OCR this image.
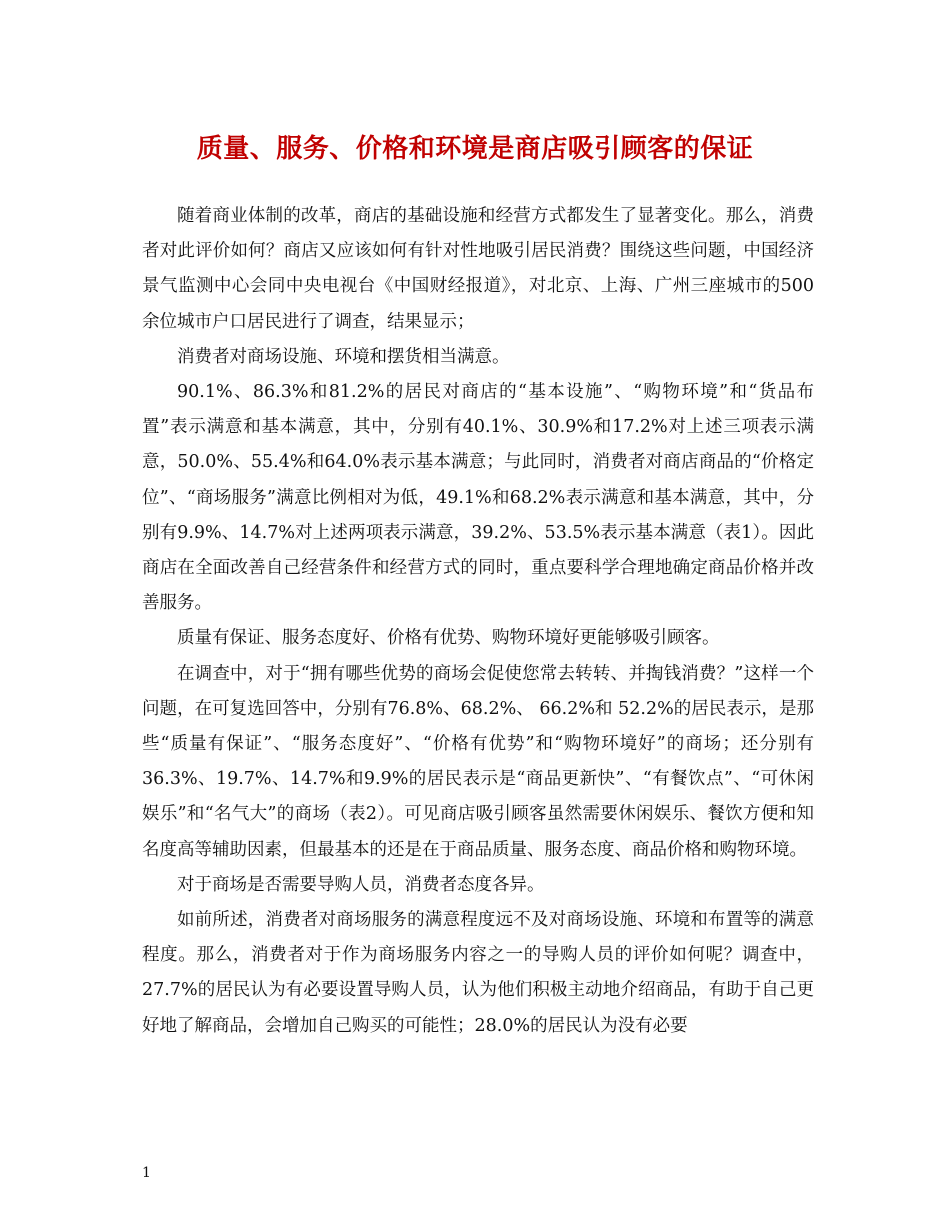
质量、服务、价格和环境是商店吸引顾客的保证

随着商业体制的改革，商店的基础设施和经营方式都发生了显著变化。那么，消费者对此评价如何？商店又应该如何有针对性地吸引居民消费？围绕这些问题，中国经济景气监测中心会同中央电视台《中国财经报道》，对北京、上海、广州三座城市的500余位城市户口居民进行了调查，结果显示；

消费者对商场设施、环境和摆货相当满意。

90.1%、86.3%和81.2%的居民对商店的“基本设施”、“购物环境”和“货品布置”表示满意和基本满意，其中，分别有40.1%、30.9%和17.2%对上述三项表示满意，50.0%、55.4%和64.0%表示基本满意；与此同时，消费者对商店商品的“价格定位”、“商场服务”满意比例相对为低，49.1%和68.2%表示满意和基本满意，其中，分别有9.9%、14.7%对上述两项表示满意，39.2%、53.5%表示基本满意（表1）。因此商店在全面改善自己经营条件和经营方式的同时，重点要科学合理地确定商品价格并改善服务。

质量有保证、服务态度好、价格有优势、购物环境好更能够吸引顾客。

在调查中，对于“拥有哪些优势的商场会促使您常去转转、并掏钱消费？”这样一个问题，在可复选回答中，分别有76.8%、68.2%、 66.2%和 52.2%的居民表示，是那些“质量有保证”、“服务态度好”、“价格有优势”和“购物环境好”的商场；还分别有36.3%、19.7%、14.7%和9.9%的居民表示是“商品更新快”、“有餐饮点”、“可休闲娱乐”和“名气大”的商场（表2）。可见商店吸引顾客虽然需要休闲娱乐、餐饮方便和知名度高等辅助因素，但最基本的还是在于商品质量、服务态度、商品价格和购物环境。

对于商场是否需要导购人员，消费者态度各异。

如前所述，消费者对商场服务的满意程度远不及对商场设施、环境和布置等的满意程度。那么，消费者对于作为商场服务内容之一的导购人员的评价如何呢？调查中，27.7%的居民认为有必要设置导购人员，认为他们积极主动地介绍商品，有助于自己更好地了解商品，会增加自己购买的可能性；28.0%的居民认为没有必要

1
